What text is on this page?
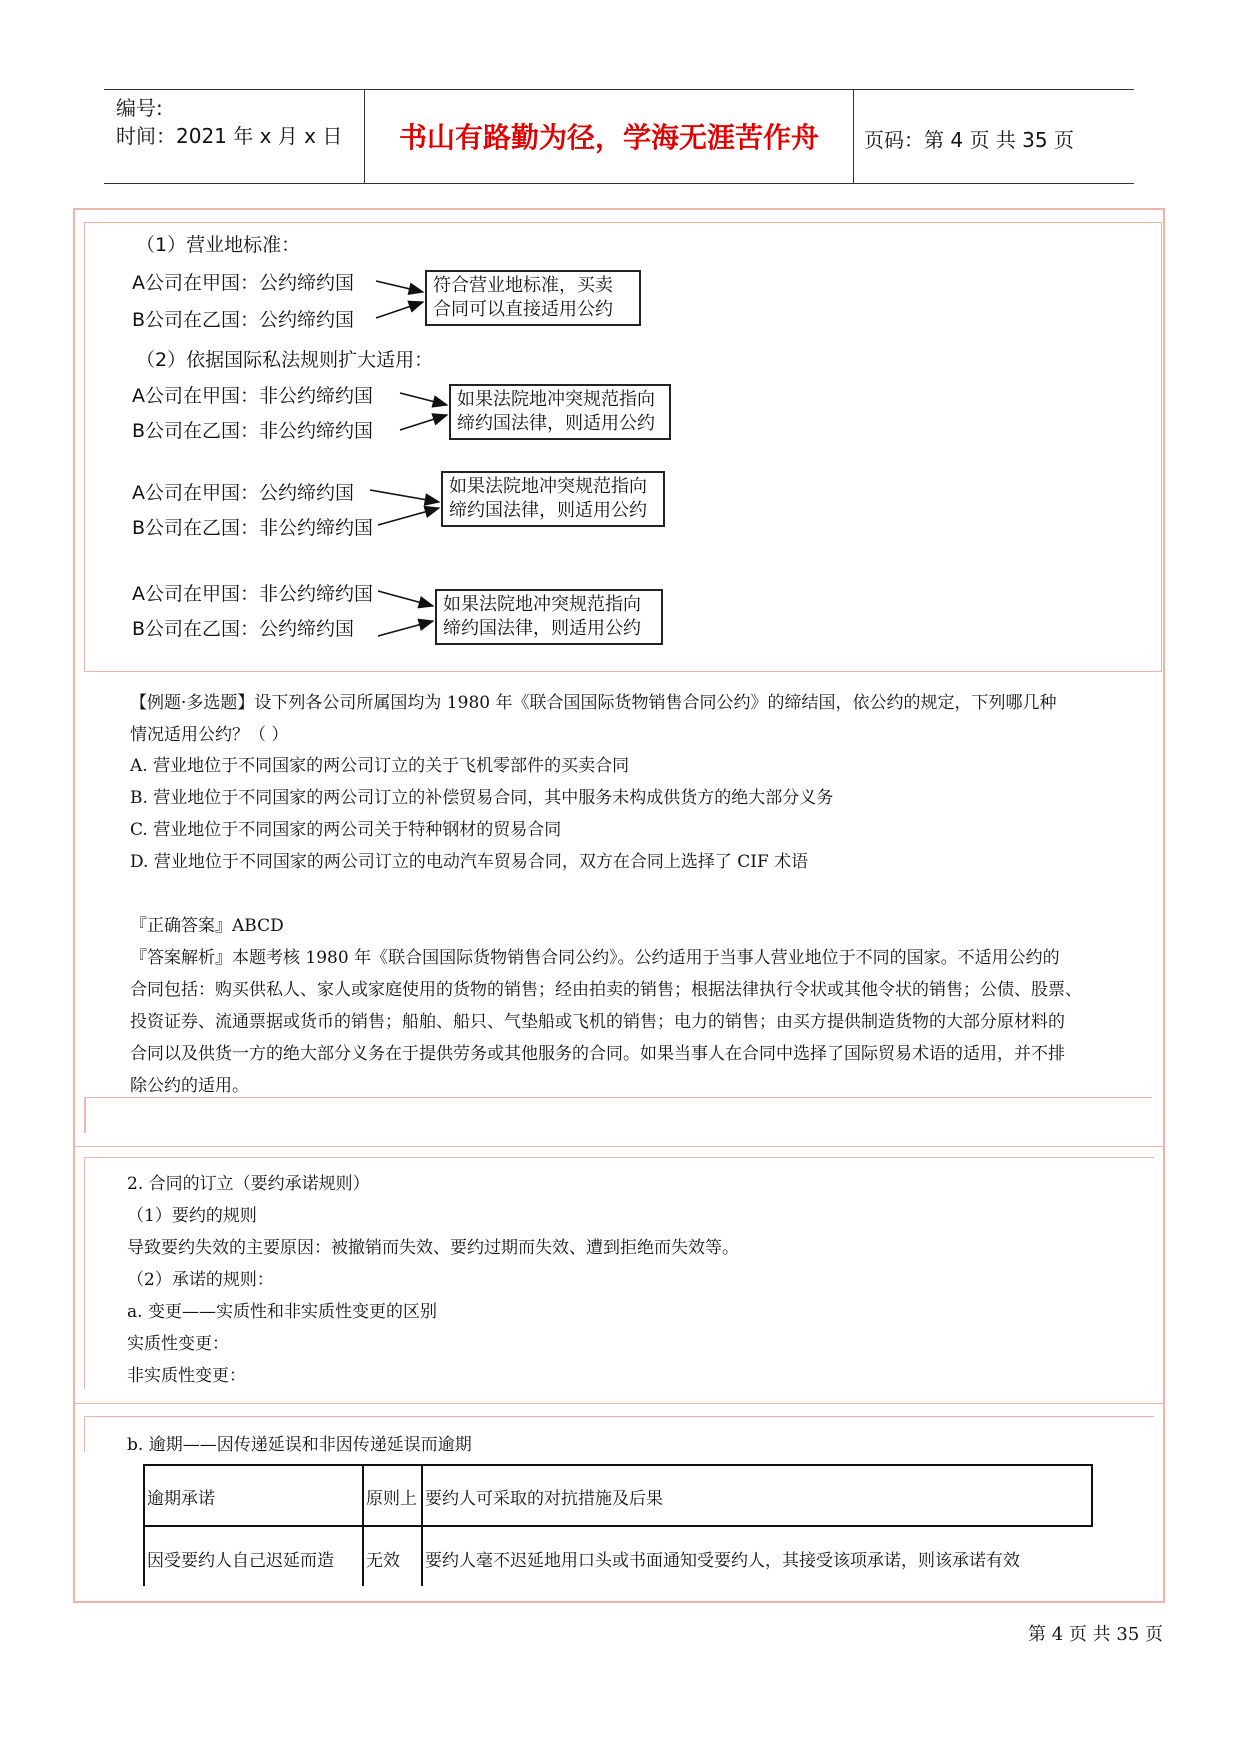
编号:
时间：2021 年 x 月 x 日	书山有路勤为径，学海无涯苦作舟	页码：第 4 页 共 35 页
（1）营业地标准：
A公司在甲国：公约缔约国
B公司在乙国：公约缔约国
符合营业地标准，买卖
合同可以直接适用公约
（2）依据国际私法规则扩大适用：
A公司在甲国：非公约缔约国
B公司在乙国：非公约缔约国
如果法院地冲突规范指向
缔约国法律，则适用公约
A公司在甲国：公约缔约国
B公司在乙国：非公约缔约国
如果法院地冲突规范指向
缔约国法律，则适用公约
A公司在甲国：非公约缔约国
B公司在乙国：公约缔约国
如果法院地冲突规范指向
缔约国法律，则适用公约
【例题·多选题】设下列各公司所属国均为 1980 年《联合国国际货物销售合同公约》的缔结国，依公约的规定，下列哪几种
情况适用公约？（ ）
A. 营业地位于不同国家的两公司订立的关于飞机零部件的买卖合同
B. 营业地位于不同国家的两公司订立的补偿贸易合同，其中服务未构成供货方的绝大部分义务
C. 营业地位于不同国家的两公司关于特种钢材的贸易合同
D. 营业地位于不同国家的两公司订立的电动汽车贸易合同，双方在合同上选择了 CIF 术语
『正确答案』ABCD
『答案解析』本题考核 1980 年《联合国国际货物销售合同公约》。公约适用于当事人营业地位于不同的国家。不适用公约的
合同包括：购买供私人、家人或家庭使用的货物的销售；经由拍卖的销售；根据法律执行令状或其他令状的销售；公债、股票、
投资证券、流通票据或货币的销售；船舶、船只、气垫船或飞机的销售；电力的销售；由买方提供制造货物的大部分原材料的
合同以及供货一方的绝大部分义务在于提供劳务或其他服务的合同。如果当事人在合同中选择了国际贸易术语的适用，并不排
除公约的适用。
2. 合同的订立（要约承诺规则）
（1）要约的规则
导致要约失效的主要原因：被撤销而失效、要约过期而失效、遭到拒绝而失效等。
（2）承诺的规则：
a. 变更——实质性和非实质性变更的区别
实质性变更：
非实质性变更：
b. 逾期——因传递延误和非因传递延误而逾期
逾期承诺	原则上 要约人可采取的对抗措施及后果
因受要约人自己迟延而造 无效 要约人毫不迟延地用口头或书面通知受要约人，其接受该项承诺，则该承诺有效
第 4 页 共 35 页
